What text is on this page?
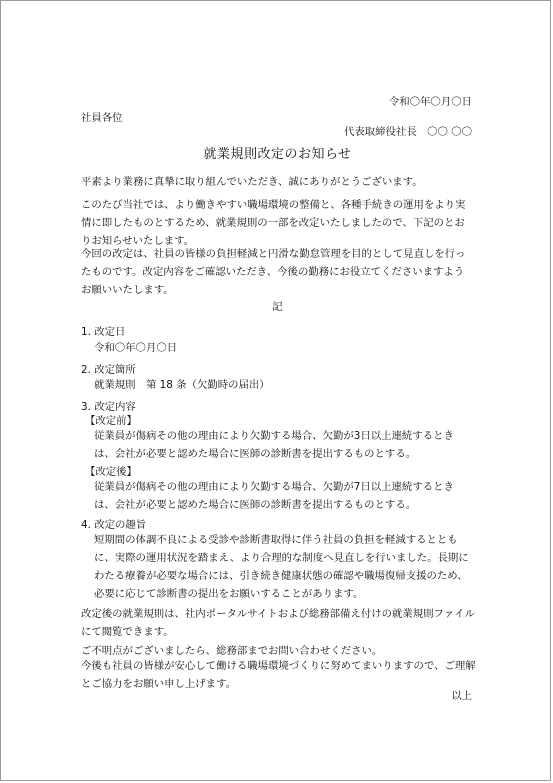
令和〇年〇月〇日
社員各位
代表取締役社長　〇〇 〇〇
就業規則改定のお知らせ
平素より業務に真摯に取り組んでいただき、誠にありがとうございます。
このたび当社では、より働きやすい職場環境の整備と、各種手続きの運用をより実情に即したものとするため、就業規則の一部を改定いたしましたので、下記のとおりお知らせいたします。
今回の改定は、社員の皆様の負担軽減と円滑な勤怠管理を目的として見直しを行ったものです。改定内容をご確認いただき、今後の勤務にお役立てくださいますようお願いいたします。
記
1. 改定日
令和〇年〇月〇日
2. 改定箇所
就業規則　第 18 条（欠勤時の届出）
3. 改定内容
【改定前】
従業員が傷病その他の理由により欠勤する場合、欠勤が3日以上連続するときは、会社が必要と認めた場合に医師の診断書を提出するものとする。
【改定後】
従業員が傷病その他の理由により欠勤する場合、欠勤が7日以上連続するときは、会社が必要と認めた場合に医師の診断書を提出するものとする。
4. 改定の趣旨
短期間の体調不良による受診や診断書取得に伴う社員の負担を軽減するとともに、実際の運用状況を踏まえ、より合理的な制度へ見直しを行いました。長期にわたる療養が必要な場合には、引き続き健康状態の確認や職場復帰支援のため、必要に応じて診断書の提出をお願いすることがあります。
改定後の就業規則は、社内ポータルサイトおよび総務部備え付けの就業規則ファイルにて閲覧できます。
ご不明点がございましたら、総務部までお問い合わせください。
今後も社員の皆様が安心して働ける職場環境づくりに努めてまいりますので、ご理解とご協力をお願い申し上げます。
以上
